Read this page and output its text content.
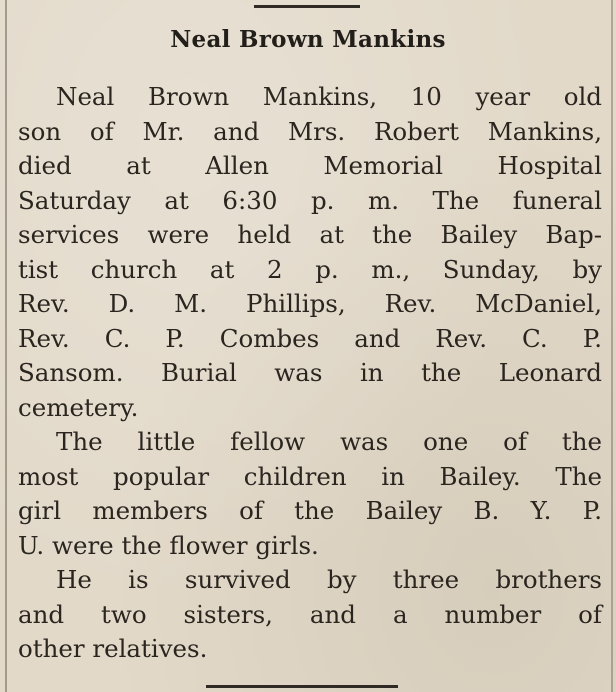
Neal Brown Mankins
Neal Brown Mankins, 10 year old
son of Mr. and Mrs. Robert Mankins,
died at Allen Memorial Hospital
Saturday at 6:30 p. m. The funeral
services were held at the Bailey Bap-
tist church at 2 p. m., Sunday, by
Rev. D. M. Phillips, Rev. McDaniel,
Rev. C. P. Combes and Rev. C. P.
Sansom. Burial was in the Leonard
cemetery.
The little fellow was one of the
most popular children in Bailey. The
girl members of the Bailey B. Y. P.
U. were the flower girls.
He is survived by three brothers
and two sisters, and a number of
other relatives.
